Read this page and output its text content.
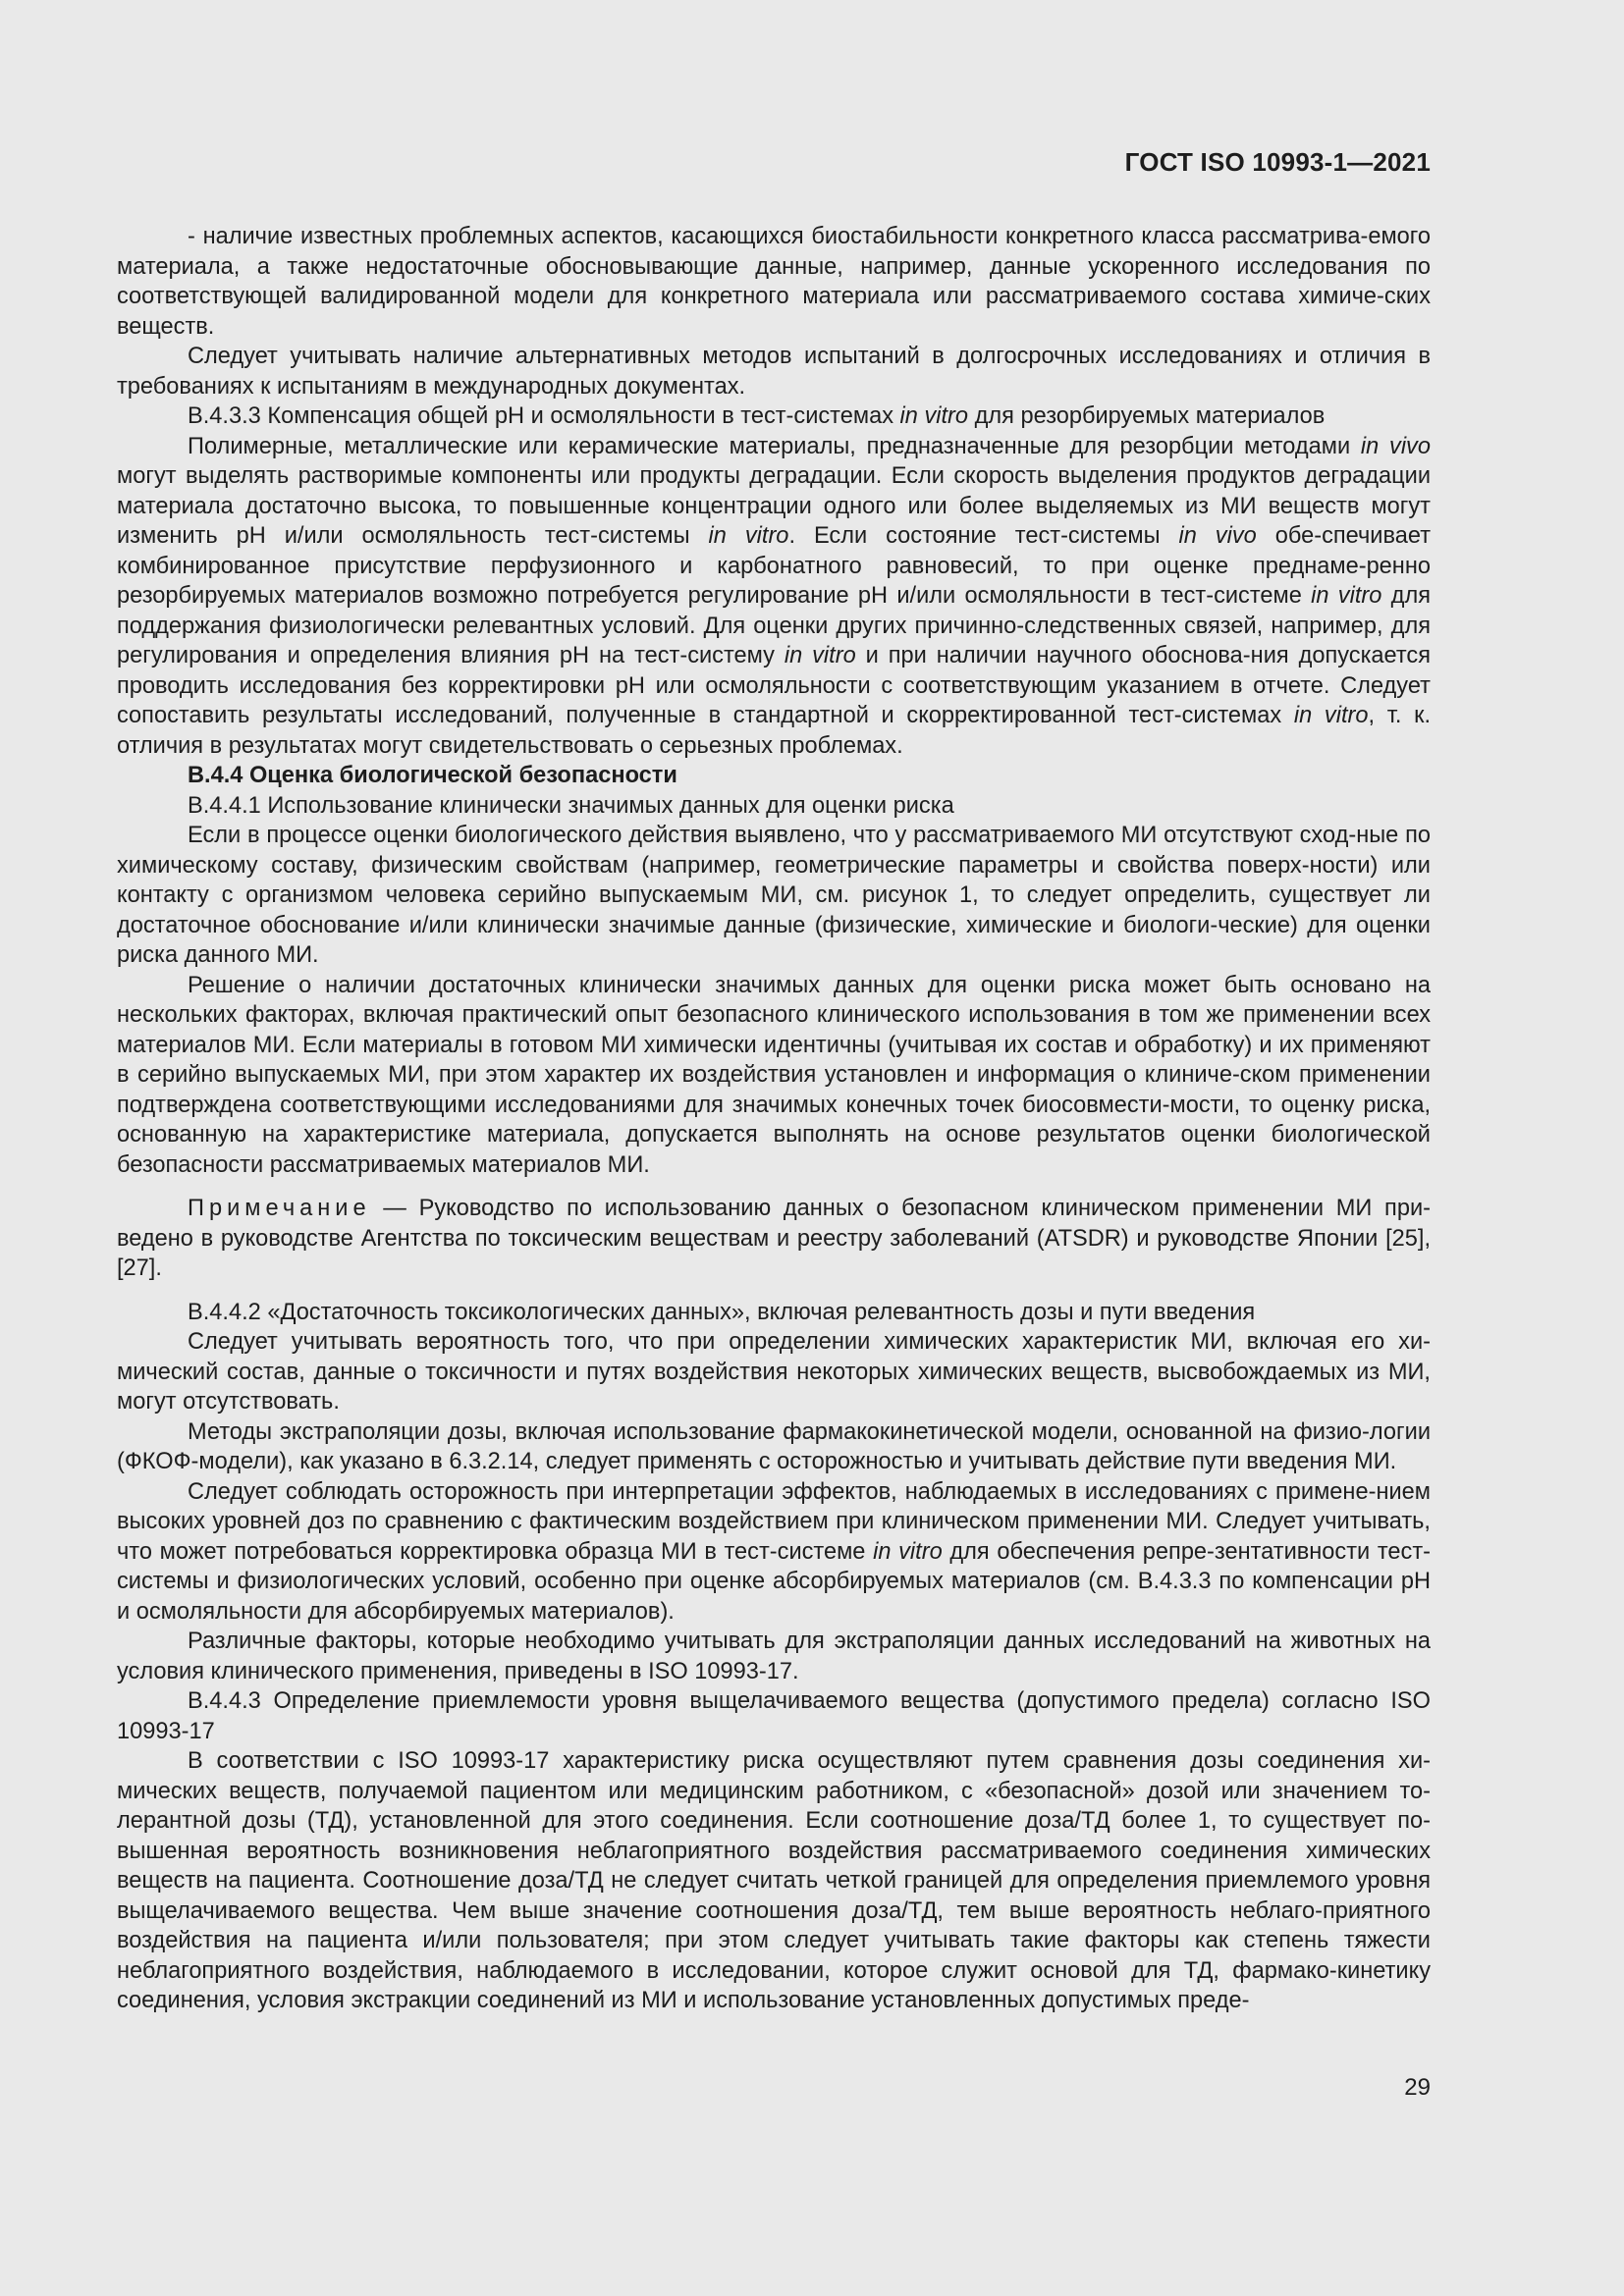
ГОСТ ISO 10993-1—2021

- наличие известных проблемных аспектов, касающихся биостабильности конкретного класса рассматрива-емого материала, а также недостаточные обосновывающие данные, например, данные ускоренного исследования по соответствующей валидированной модели для конкретного материала или рассматриваемого состава химиче-ских веществ.

Следует учитывать наличие альтернативных методов испытаний в долгосрочных исследованиях и отличия в требованиях к испытаниям в международных документах.

В.4.3.3 Компенсация общей pH и осмоляльности в тест-системах in vitro для резорбируемых материалов

Полимерные, металлические или керамические материалы, предназначенные для резорбции методами in vivo могут выделять растворимые компоненты или продукты деградации. Если скорость выделения продуктов деградации материала достаточно высока, то повышенные концентрации одного или более выделяемых из МИ веществ могут изменить pH и/или осмоляльность тест-системы in vitro. Если состояние тест-системы in vivo обе-спечивает комбинированное присутствие перфузионного и карбонатного равновесий, то при оценке преднаме-ренно резорбируемых материалов возможно потребуется регулирование pH и/или осмоляльности в тест-системе in vitro для поддержания физиологически релевантных условий. Для оценки других причинно-следственных связей, например, для регулирования и определения влияния pH на тест-систему in vitro и при наличии научного обоснова-ния допускается проводить исследования без корректировки pH или осмоляльности с соответствующим указанием в отчете. Следует сопоставить результаты исследований, полученные в стандартной и скорректированной тест-системах in vitro, т. к. отличия в результатах могут свидетельствовать о серьезных проблемах.

В.4.4 Оценка биологической безопасности

В.4.4.1 Использование клинически значимых данных для оценки риска

Если в процессе оценки биологического действия выявлено, что у рассматриваемого МИ отсутствуют сход-ные по химическому составу, физическим свойствам (например, геометрические параметры и свойства поверх-ности) или контакту с организмом человека серийно выпускаемым МИ, см. рисунок 1, то следует определить, существует ли достаточное обоснование и/или клинически значимые данные (физические, химические и биологи-ческие) для оценки риска данного МИ.

Решение о наличии достаточных клинически значимых данных для оценки риска может быть основано на нескольких факторах, включая практический опыт безопасного клинического использования в том же применении всех материалов МИ. Если материалы в готовом МИ химически идентичны (учитывая их состав и обработку) и их применяют в серийно выпускаемых МИ, при этом характер их воздействия установлен и информация о клиниче-ском применении подтверждена соответствующими исследованиями для значимых конечных точек биосовмести-мости, то оценку риска, основанную на характеристике материала, допускается выполнять на основе результатов оценки биологической безопасности рассматриваемых материалов МИ.

Примечание — Руководство по использованию данных о безопасном клиническом применении МИ при-ведено в руководстве Агентства по токсическим веществам и реестру заболеваний (ATSDR) и руководстве Японии [25], [27].

В.4.4.2 «Достаточность токсикологических данных», включая релевантность дозы и пути введения

Следует учитывать вероятность того, что при определении химических характеристик МИ, включая его хи-мический состав, данные о токсичности и путях воздействия некоторых химических веществ, высвобождаемых из МИ, могут отсутствовать.

Методы экстраполяции дозы, включая использование фармакокинетической модели, основанной на физио-логии (ФКОФ-модели), как указано в 6.3.2.14, следует применять с осторожностью и учитывать действие пути введения МИ.

Следует соблюдать осторожность при интерпретации эффектов, наблюдаемых в исследованиях с примене-нием высоких уровней доз по сравнению с фактическим воздействием при клиническом применении МИ. Следует учитывать, что может потребоваться корректировка образца МИ в тест-системе in vitro для обеспечения репре-зентативности тест-системы и физиологических условий, особенно при оценке абсорбируемых материалов (см. В.4.3.3 по компенсации pH и осмоляльности для абсорбируемых материалов).

Различные факторы, которые необходимо учитывать для экстраполяции данных исследований на животных на условия клинического применения, приведены в ISO 10993-17.

В.4.4.3 Определение приемлемости уровня выщелачиваемого вещества (допустимого предела) согласно ISO 10993-17

В соответствии с ISO 10993-17 характеристику риска осуществляют путем сравнения дозы соединения хи-мических веществ, получаемой пациентом или медицинским работником, с «безопасной» дозой или значением то-лерантной дозы (ТД), установленной для этого соединения. Если соотношение доза/ТД более 1, то существует по-вышенная вероятность возникновения неблагоприятного воздействия рассматриваемого соединения химических веществ на пациента. Соотношение доза/ТД не следует считать четкой границей для определения приемлемого уровня выщелачиваемого вещества. Чем выше значение соотношения доза/ТД, тем выше вероятность неблаго-приятного воздействия на пациента и/или пользователя; при этом следует учитывать такие факторы как степень тяжести неблагоприятного воздействия, наблюдаемого в исследовании, которое служит основой для ТД, фармако-кинетику соединения, условия экстракции соединений из МИ и использование установленных допустимых преде-

29
